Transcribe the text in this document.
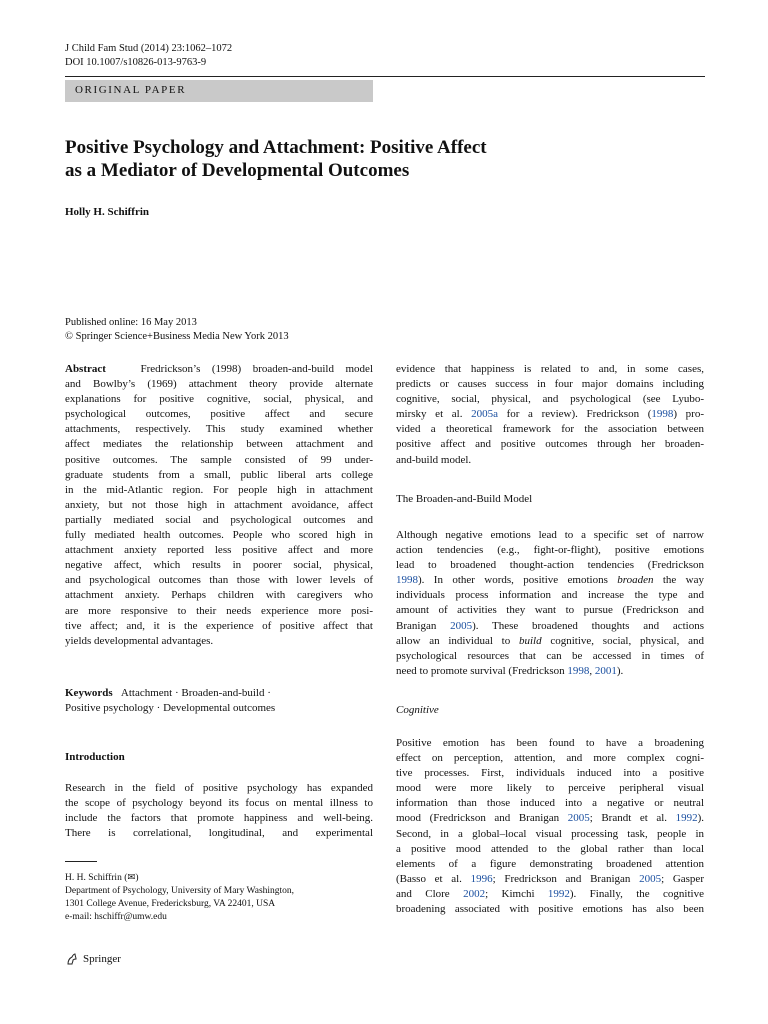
J Child Fam Stud (2014) 23:1062–1072
DOI 10.1007/s10826-013-9763-9
ORIGINAL PAPER
Positive Psychology and Attachment: Positive Affect
as a Mediator of Developmental Outcomes
Holly H. Schiffrin
Published online: 16 May 2013
© Springer Science+Business Media New York 2013
Abstract   Fredrickson’s (1998) broaden-and-build model
and Bowlby’s (1969) attachment theory provide alternate
explanations for positive cognitive, social, physical, and
psychological outcomes, positive affect and secure
attachments, respectively. This study examined whether
affect mediates the relationship between attachment and
positive outcomes. The sample consisted of 99 under-
graduate students from a small, public liberal arts college
in the mid-Atlantic region. For people high in attachment
anxiety, but not those high in attachment avoidance, affect
partially mediated social and psychological outcomes and
fully mediated health outcomes. People who scored high in
attachment anxiety reported less positive affect and more
negative affect, which results in poorer social, physical,
and psychological outcomes than those with lower levels of
attachment anxiety. Perhaps children with caregivers who
are more responsive to their needs experience more posi-
tive affect; and, it is the experience of positive affect that
yields developmental advantages.
Keywords Attachment · Broaden-and-build ·
Positive psychology · Developmental outcomes
Introduction
Research in the field of positive psychology has expanded
the scope of psychology beyond its focus on mental illness to
include the factors that promote happiness and well-being.
There is correlational, longitudinal, and experimental
H. H. Schiffrin (✉)
Department of Psychology, University of Mary Washington,
1301 College Avenue, Fredericksburg, VA 22401, USA
e-mail: hschiffr@umw.edu
Springer
evidence that happiness is related to and, in some cases,
predicts or causes success in four major domains including
cognitive, social, physical, and psychological (see Lyubo-
mirsky et al. 2005a for a review). Fredrickson (1998) pro-
vided a theoretical framework for the association between
positive affect and positive outcomes through her broaden-
and-build model.
The Broaden-and-Build Model
Although negative emotions lead to a specific set of narrow
action tendencies (e.g., fight-or-flight), positive emotions
lead to broadened thought-action tendencies (Fredrickson
1998). In other words, positive emotions broaden the way
individuals process information and increase the type and
amount of activities they want to pursue (Fredrickson and
Branigan 2005). These broadened thoughts and actions
allow an individual to build cognitive, social, physical, and
psychological resources that can be accessed in times of
need to promote survival (Fredrickson 1998, 2001).
Cognitive
Positive emotion has been found to have a broadening
effect on perception, attention, and more complex cogni-
tive processes. First, individuals induced into a positive
mood were more likely to perceive peripheral visual
information than those induced into a negative or neutral
mood (Fredrickson and Branigan 2005; Brandt et al. 1992).
Second, in a global–local visual processing task, people in
a positive mood attended to the global rather than local
elements of a figure demonstrating broadened attention
(Basso et al. 1996; Fredrickson and Branigan 2005; Gasper
and Clore 2002; Kimchi 1992). Finally, the cognitive
broadening associated with positive emotions has also been
